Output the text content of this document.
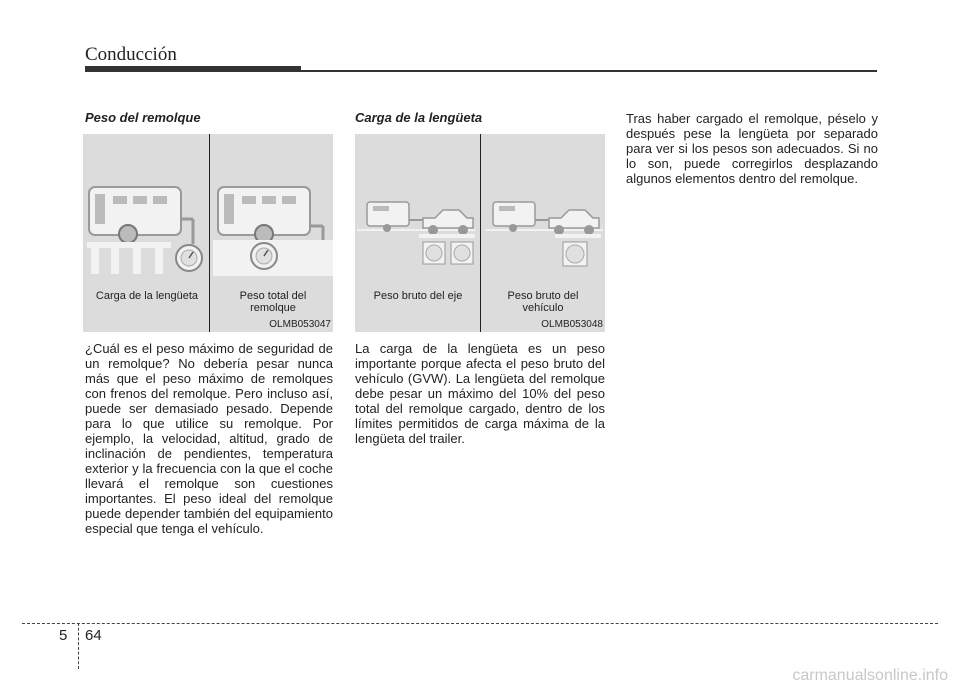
Conducción
Peso del remolque
Carga de la lengüeta	Peso total del remolque
OLMB053047

¿Cuál es el peso máximo de seguridad de un remolque? No debería pesar nunca más que el peso máximo de remolques con frenos del remolque. Pero incluso así, puede ser demasiado pesado. Depende para lo que utilice su remolque. Por ejemplo, la velocidad, altitud, grado de inclinación de pendientes, temperatura exterior y la frecuencia con la que el coche llevará el remolque son cuestiones importantes. El peso ideal del remolque puede depender también del equipamiento especial que tenga el vehículo.

Carga de la lengüeta
Peso bruto del eje	Peso bruto del vehículo
OLMB053048

La carga de la lengüeta es un peso importante porque afecta el peso bruto del vehículo (GVW). La lengüeta del remolque debe pesar un máximo del 10% del peso total del remolque cargado, dentro de los límites permitidos de carga máxima de la lengüeta del trailer.

Tras haber cargado el remolque, péselo y después pese la lengüeta por separado para ver si los pesos son adecuados. Si no lo son, puede corregirlos desplazando algunos elementos dentro del remolque.

5 64
carmanualsonline.info
